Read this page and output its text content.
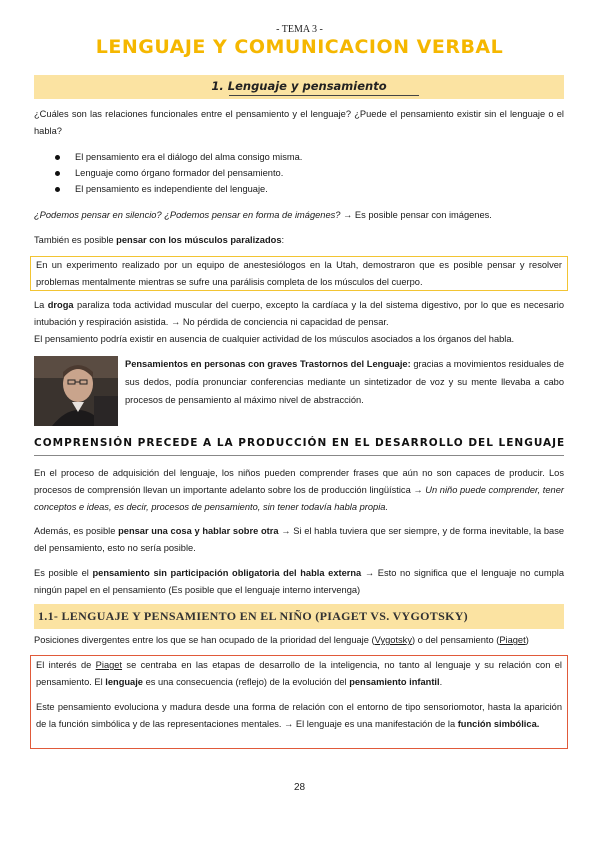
- TEMA 3 -
LENGUAJE Y COMUNICACION VERBAL
1. Lenguaje y pensamiento
¿Cuáles son las relaciones funcionales entre el pensamiento y el lenguaje? ¿Puede el pensamiento existir sin el lenguaje o el habla?
El pensamiento era el diálogo del alma consigo misma.
Lenguaje como órgano formador del pensamiento.
El pensamiento es independiente del lenguaje.
¿Podemos pensar en silencio? ¿Podemos pensar en forma de imágenes? → Es posible pensar con imágenes.
También es posible pensar con los músculos paralizados:
En un experimento realizado por un equipo de anestesiólogos en la Utah, demostraron que es posible pensar y resolver problemas mentalmente mientras se sufre una parálisis completa de los músculos del cuerpo.
La droga paraliza toda actividad muscular del cuerpo, excepto la cardíaca y la del sistema digestivo, por lo que es necesario intubación y respiración asistida. → No pérdida de conciencia ni capacidad de pensar.
El pensamiento podría existir en ausencia de cualquier actividad de los músculos asociados a los órganos del habla.
Pensamientos en personas con graves Trastornos del Lenguaje: gracias a movimientos residuales de sus dedos, podía pronunciar conferencias mediante un sintetizador de voz y su mente llevaba a cabo procesos de pensamiento al máximo nivel de abstracción.
COMPRENSIÓN PRECEDE A LA PRODUCCIÓN EN EL DESARROLLO DEL LENGUAJE
En el proceso de adquisición del lenguaje, los niños pueden comprender frases que aún no son capaces de producir. Los procesos de comprensión llevan un importante adelanto sobre los de producción lingüística → Un niño puede comprender, tener conceptos e ideas, es decir, procesos de pensamiento, sin tener todavía habla propia.
Además, es posible pensar una cosa y hablar sobre otra → Si el habla tuviera que ser siempre, y de forma inevitable, la base del pensamiento, esto no sería posible.
Es posible el pensamiento sin participación obligatoria del habla externa → Esto no significa que el lenguaje no cumpla ningún papel en el pensamiento (Es posible que el lenguaje interno intervenga)
1.1- LENGUAJE Y PENSAMIENTO EN EL NIÑO (PIAGET VS. VYGOTSKY)
Posiciones divergentes entre los que se han ocupado de la prioridad del lenguaje (Vygotsky) o del pensamiento (Piaget)
El interés de Piaget se centraba en las etapas de desarrollo de la inteligencia, no tanto al lenguaje y su relación con el pensamiento. El lenguaje es una consecuencia (reflejo) de la evolución del pensamiento infantil.
Este pensamiento evoluciona y madura desde una forma de relación con el entorno de tipo sensoriomotor, hasta la aparición de la función simbólica y de las representaciones mentales. → El lenguaje es una manifestación de la función simbólica.
28
